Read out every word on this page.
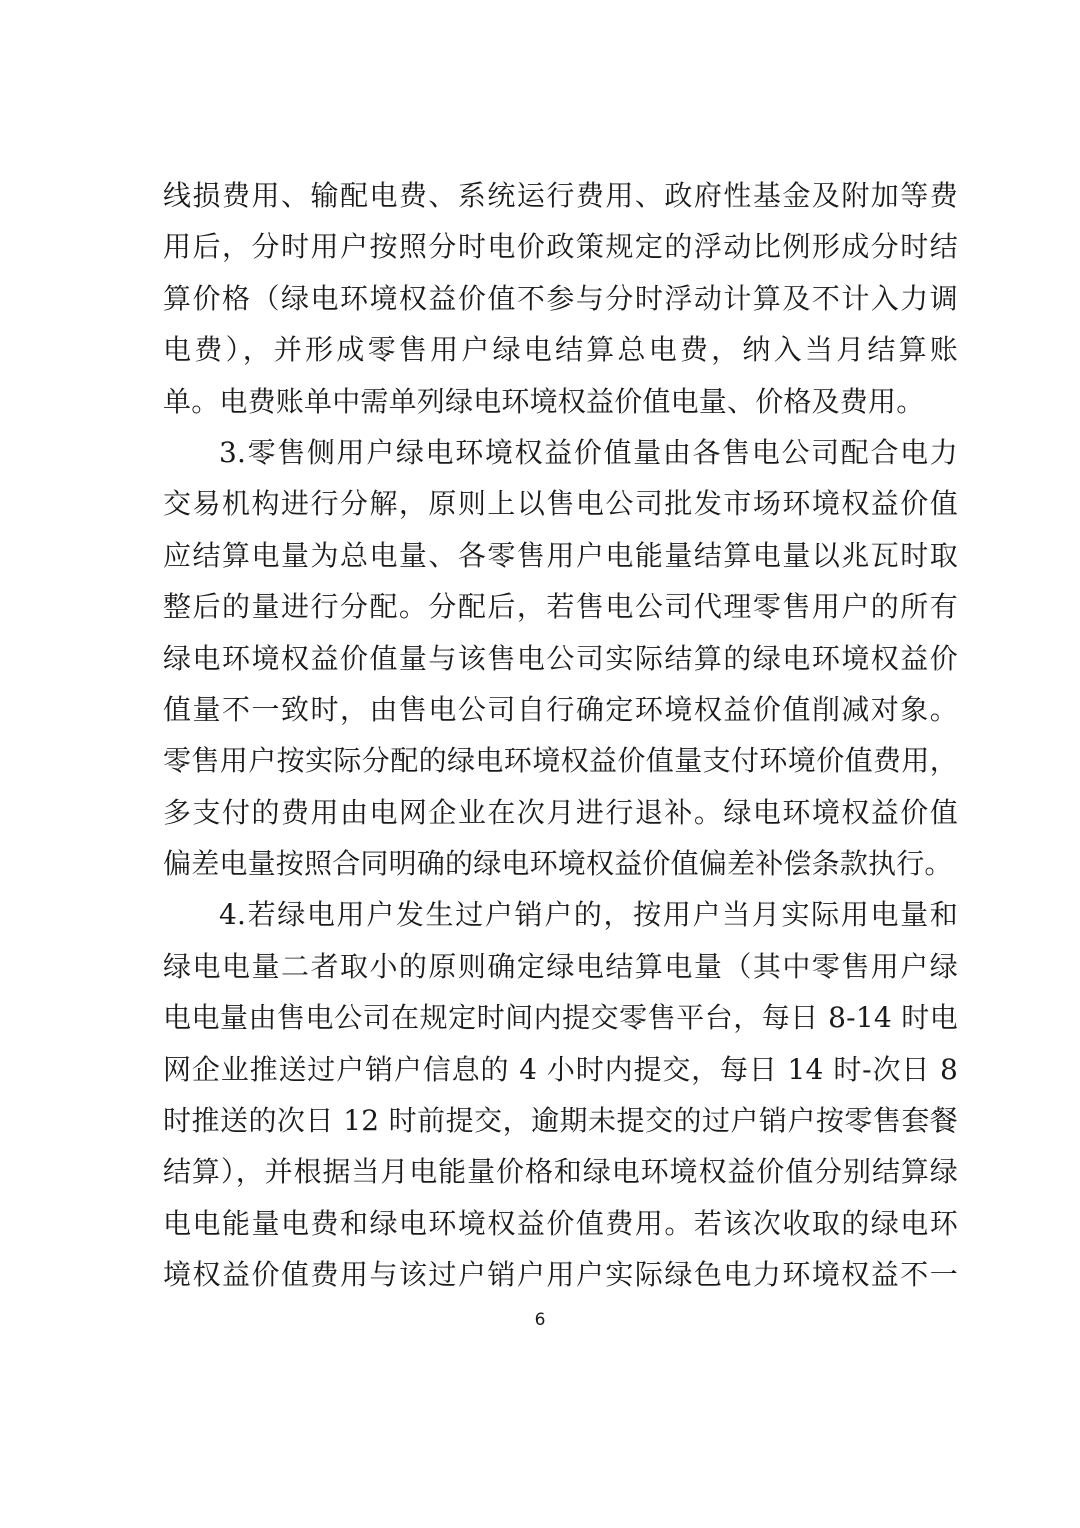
线损费用、输配电费、系统运行费用、政府性基金及附加等费
用后，分时用户按照分时电价政策规定的浮动比例形成分时结
算价格（绿电环境权益价值不参与分时浮动计算及不计入力调
电费），并形成零售用户绿电结算总电费，纳入当月结算账
单。电费账单中需单列绿电环境权益价值电量、价格及费用。
3.零售侧用户绿电环境权益价值量由各售电公司配合电力
交易机构进行分解，原则上以售电公司批发市场环境权益价值
应结算电量为总电量、各零售用户电能量结算电量以兆瓦时取
整后的量进行分配。分配后，若售电公司代理零售用户的所有
绿电环境权益价值量与该售电公司实际结算的绿电环境权益价
值量不一致时，由售电公司自行确定环境权益价值削减对象。
零售用户按实际分配的绿电环境权益价值量支付环境价值费用，
多支付的费用由电网企业在次月进行退补。绿电环境权益价值
偏差电量按照合同明确的绿电环境权益价值偏差补偿条款执行。
4.若绿电用户发生过户销户的，按用户当月实际用电量和
绿电电量二者取小的原则确定绿电结算电量（其中零售用户绿
电电量由售电公司在规定时间内提交零售平台，每日 8-14 时电
网企业推送过户销户信息的 4 小时内提交，每日 14 时-次日 8
时推送的次日 12 时前提交，逾期未提交的过户销户按零售套餐
结算），并根据当月电能量价格和绿电环境权益价值分别结算绿
电电能量电费和绿电环境权益价值费用。若该次收取的绿电环
境权益价值费用与该过户销户用户实际绿色电力环境权益不一
6
